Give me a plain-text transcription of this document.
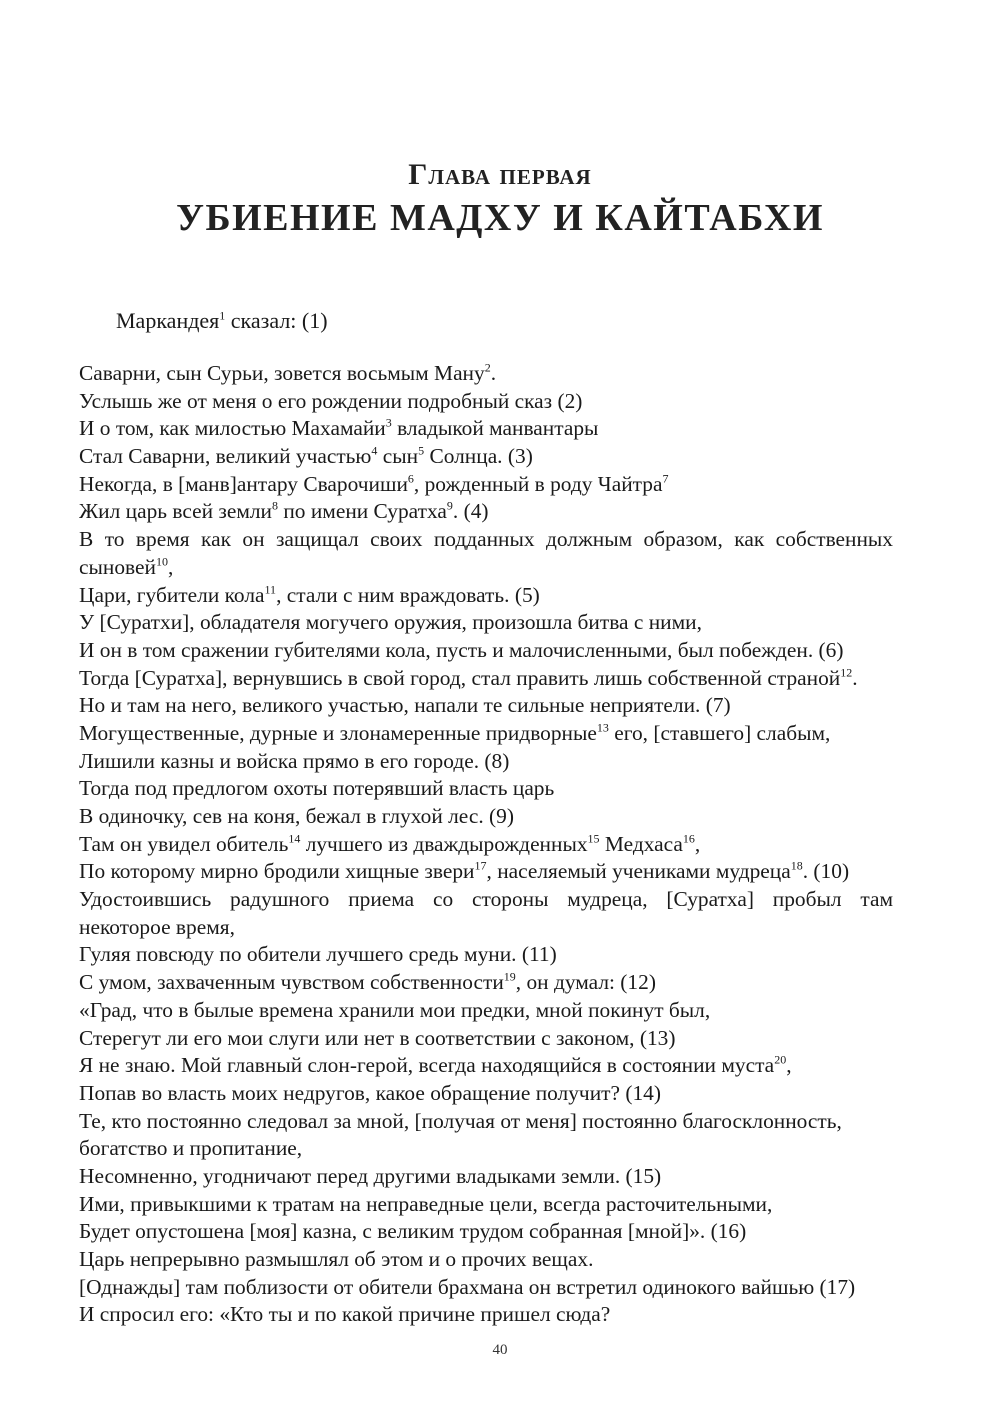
Глава первая
УБИЕНИЕ МАДХУ И КАЙТАБХИ
Маркандея$^1$ сказал: (1)
Саварни, сын Сурьи, зовется восьмым Ману$^2$.
Услышь же от меня о его рождении подробный сказ (2)
И о том, как милостью Махамайи$^3$ владыкой манвантары
Стал Саварни, великий участью$^4$ сын$^5$ Солнца. (3)
Некогда, в [манв]антару Сварочиши$^6$, рожденный в роду Чайтра$^7$
Жил царь всей земли$^8$ по имени Суратха$^9$. (4)
В то время как он защищал своих подданных должным образом, как собственных
сыновей$^{10}$,
Цари, губители кола$^{11}$, стали с ним враждовать. (5)
У [Суратхи], обладателя могучего оружия, произошла битва с ними,
И он в том сражении губителями кола, пусть и малочисленными, был побежден. (6)
Тогда [Суратха], вернувшись в свой город, стал править лишь собственной страной$^{12}$.
Но и там на него, великого участью, напали те сильные неприятели. (7)
Могущественные, дурные и злонамеренные придворные$^{13}$ его, [ставшего] слабым,
Лишили казны и войска прямо в его городе. (8)
Тогда под предлогом охоты потерявший власть царь
В одиночку, сев на коня, бежал в глухой лес. (9)
Там он увидел обитель$^{14}$ лучшего из дваждырожденных$^{15}$ Медхаса$^{16}$,
По которому мирно бродили хищные звери$^{17}$, населяемый учениками мудреца$^{18}$. (10)
Удостоившись радушного приема со стороны мудреца, [Суратха] пробыл там
некоторое время,
Гуляя повсюду по обители лучшего средь муни. (11)
С умом, захваченным чувством собственности$^{19}$, он думал: (12)
«Град, что в былые времена хранили мои предки, мной покинут был,
Стерегут ли его мои слуги или нет в соответствии с законом, (13)
Я не знаю. Мой главный слон-герой, всегда находящийся в состоянии муста$^{20}$,
Попав во власть моих недругов, какое обращение получит? (14)
Те, кто постоянно следовал за мной, [получая от меня] постоянно благосклонность,
богатство и пропитание,
Несомненно, угодничают перед другими владыками земли. (15)
Ими, привыкшими к тратам на неправедные цели, всегда расточительными,
Будет опустошена [моя] казна, с великим трудом собранная [мной]». (16)
Царь непрерывно размышлял об этом и о прочих вещах.
[Однажды] там поблизости от обители брахмана он встретил одинокого вайшью (17)
И спросил его: «Кто ты и по какой причине пришел сюда?
40
